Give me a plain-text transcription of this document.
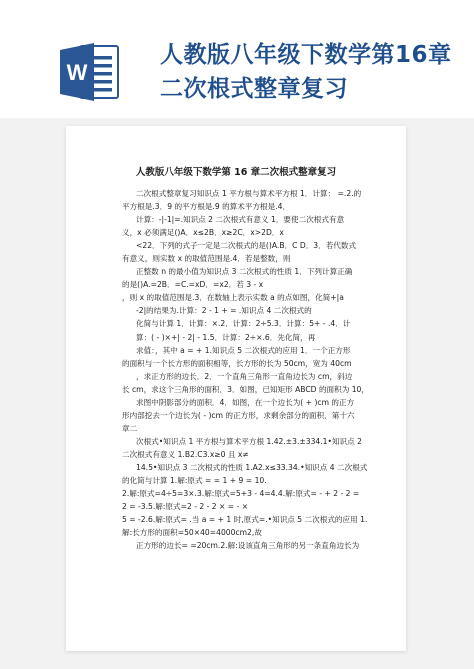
W
人教版八年级下数学第16章
二次根式整章复习
人教版八年级下数学第 16 章二次根式整章复习
二次根式整章复习知识点 1 平方根与算术平方根 1．计算： =.2.的
平方根是.3．9 的平方根是.9 的算术平方根是.4．
计算：-|-1|=.知识点 2 二次根式有意义 1．要使二次根式有意
义，x 必须满足()A．x≤2B．x≥2C．x>2D．x
<22．下列的式子一定是二次根式的是()A.B．C D．3．若代数式
有意义，则实数 x 的取值范围是.4．若是整数，则
正整数 n 的最小值为知识点 3 二次根式的性质 1．下列计算正确
的是()A.=2B．=C.=xD．=x2．若 3 - x
，则 x 的取值范围是.3．在数轴上表示实数 a 的点如图，化简+|a
-2|的结果为.计算：2 - 1 + = .知识点 4 二次根式的
化简与计算 1．计算：×.2．计算：2÷5.3．计算：5+ - .4．计
算：( - )×+| - 2| - 1.5．计算：2÷×.6．先化简，再
求值：，其中 a = + 1.知识点 5 二次根式的应用 1．一个正方形
的面积与一个长方形的面积相等，长方形的长为 50cm，宽为 40cm
，求正方形的边长．2．一个直角三角形一直角边长为 cm，斜边
长 cm，求这个三角形的面积．3．如图，已知矩形 ABCD 的面积为 10，
求图中阴影部分的面积．4．如图，在一个边长为( + )cm 的正方
形内部挖去一个边长为( - )cm 的正方形，求剩余部分的面积．第十六
章二
次根式•知识点 1 平方根与算术平方根 1.42.±3.±334.1•知识点 2
二次根式有意义 1.B2.C3.x≥0 且 x≠
14.5•知识点 3 二次根式的性质 1.A2.x≤33.34.•知识点 4 二次根式
的化简与计算 1.解:原式 = = 1 + 9 = 10.
2.解:原式=4÷5=3×.3.解:原式=5+3 - 4=4.4.解:原式= - + 2 - 2 =
2 = -3.5.解:原式=2 - 2 - 2 × = - ×
5 = -2.6.解:原式= .当 a = + 1 时,原式=.•知识点 5 二次根式的应用 1.
解:长方形的面积=50×40=4000cm2,故
正方形的边长= =20cm.2.解:设该直角三角形的另一条直角边长为
